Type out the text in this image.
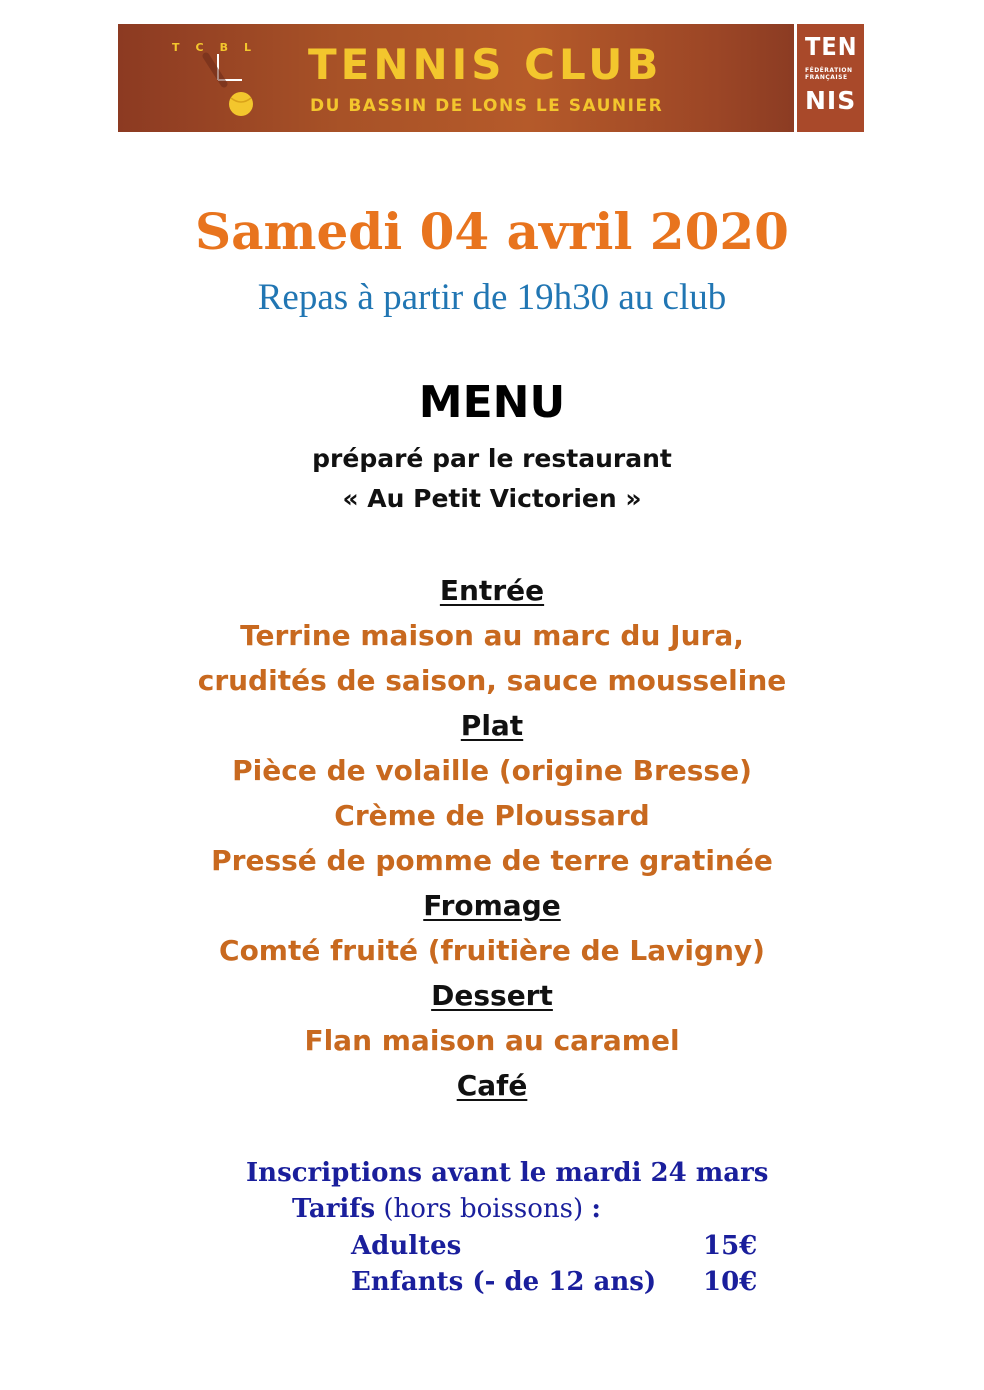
TCBL TENNIS CLUB
DU BASSIN DE LONS LE SAUNIER
TEN
FÉDÉRATION
FRANÇAISE
NIS
Samedi 04 avril 2020
Repas à partir de 19h30 au club
MENU
préparé par le restaurant
« Au Petit Victorien »
Entrée
Terrine maison au marc du Jura,
crudités de saison, sauce mousseline
Plat
Pièce de volaille (origine Bresse)
Crème de Ploussard
Pressé de pomme de terre gratinée
Fromage
Comté fruité (fruitière de Lavigny)
Dessert
Flan maison au caramel
Café
Inscriptions avant le mardi 24 mars
Tarifs (hors boissons) :
Adultes	15€
Enfants (- de 12 ans) 10€
